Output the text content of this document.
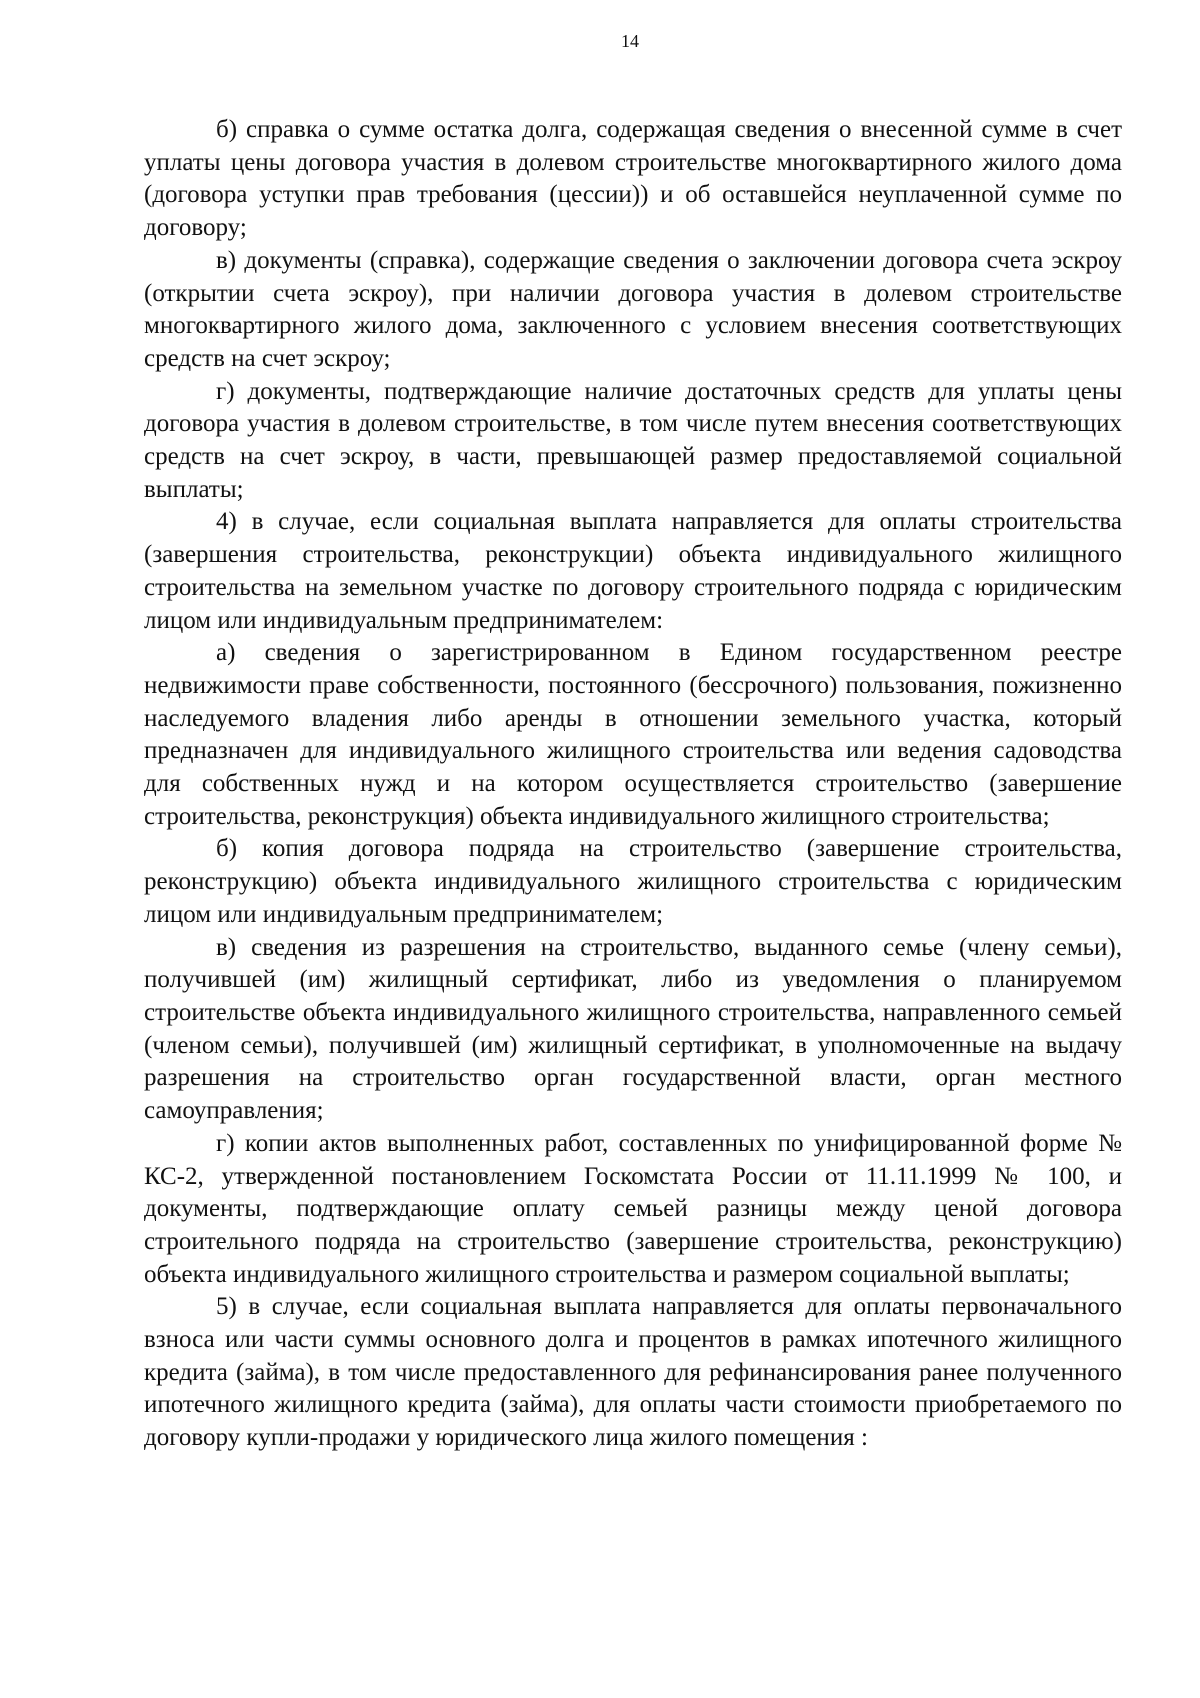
14

б) справка о сумме остатка долга, содержащая сведения о внесенной сумме в счет уплаты цены договора участия в долевом строительстве многоквартирного жилого дома (договора уступки прав требования (цессии)) и об оставшейся неуплаченной сумме по договору;

в) документы (справка), содержащие сведения о заключении договора счета эскроу (открытии счета эскроу), при наличии договора участия в долевом строительстве многоквартирного жилого дома, заключенного с условием внесения соответствующих средств на счет эскроу;

г) документы, подтверждающие наличие достаточных средств для уплаты цены договора участия в долевом строительстве, в том числе путем внесения соответствующих средств на счет эскроу, в части, превышающей размер предоставляемой социальной выплаты;

4) в случае, если социальная выплата направляется для оплаты строительства (завершения строительства, реконструкции) объекта индивидуального жилищного строительства на земельном участке по договору строительного подряда с юридическим лицом или индивидуальным предпринимателем:

а) сведения о зарегистрированном в Едином государственном реестре недвижимости праве собственности, постоянного (бессрочного) пользования, пожизненно наследуемого владения либо аренды в отношении земельного участка, который предназначен для индивидуального жилищного строительства или ведения садоводства для собственных нужд и на котором осуществляется строительство (завершение строительства, реконструкция) объекта индивидуального жилищного строительства;

б) копия договора подряда на строительство (завершение строительства, реконструкцию) объекта индивидуального жилищного строительства с юридическим лицом или индивидуальным предпринимателем;

в) сведения из разрешения на строительство, выданного семье (члену семьи), получившей (им) жилищный сертификат, либо из уведомления о планируемом строительстве объекта индивидуального жилищного строительства, направленного семьей (членом семьи), получившей (им) жилищный сертификат, в уполномоченные на выдачу разрешения на строительство орган государственной власти, орган местного самоуправления;

г) копии актов выполненных работ, составленных по унифицированной форме № КС-2, утвержденной постановлением Госкомстата России от 11.11.1999 № 100, и документы, подтверждающие оплату семьей разницы между ценой договора строительного подряда на строительство (завершение строительства, реконструкцию) объекта индивидуального жилищного строительства и размером социальной выплаты;

5) в случае, если социальная выплата направляется для оплаты первоначального взноса или части суммы основного долга и процентов в рамках ипотечного жилищного кредита (займа), в том числе предоставленного для рефинансирования ранее полученного ипотечного жилищного кредита (займа), для оплаты части стоимости приобретаемого по договору купли-продажи у юридического лица жилого помещения :
